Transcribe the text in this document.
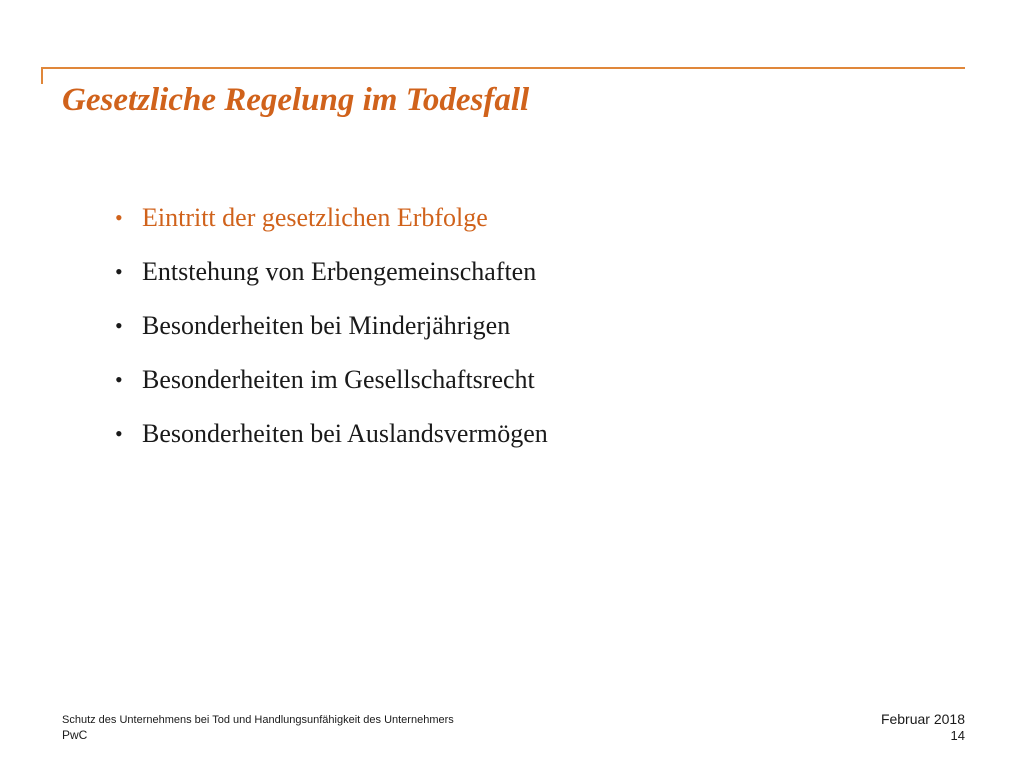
Gesetzliche Regelung im Todesfall
• Eintritt der gesetzlichen Erbfolge
• Entstehung von Erbengemeinschaften
• Besonderheiten bei Minderjährigen
• Besonderheiten im Gesellschaftsrecht
• Besonderheiten bei Auslandsvermögen
Schutz des Unternehmens bei Tod und Handlungsunfähigkeit des Unternehmers
PwC
Februar 2018
14
